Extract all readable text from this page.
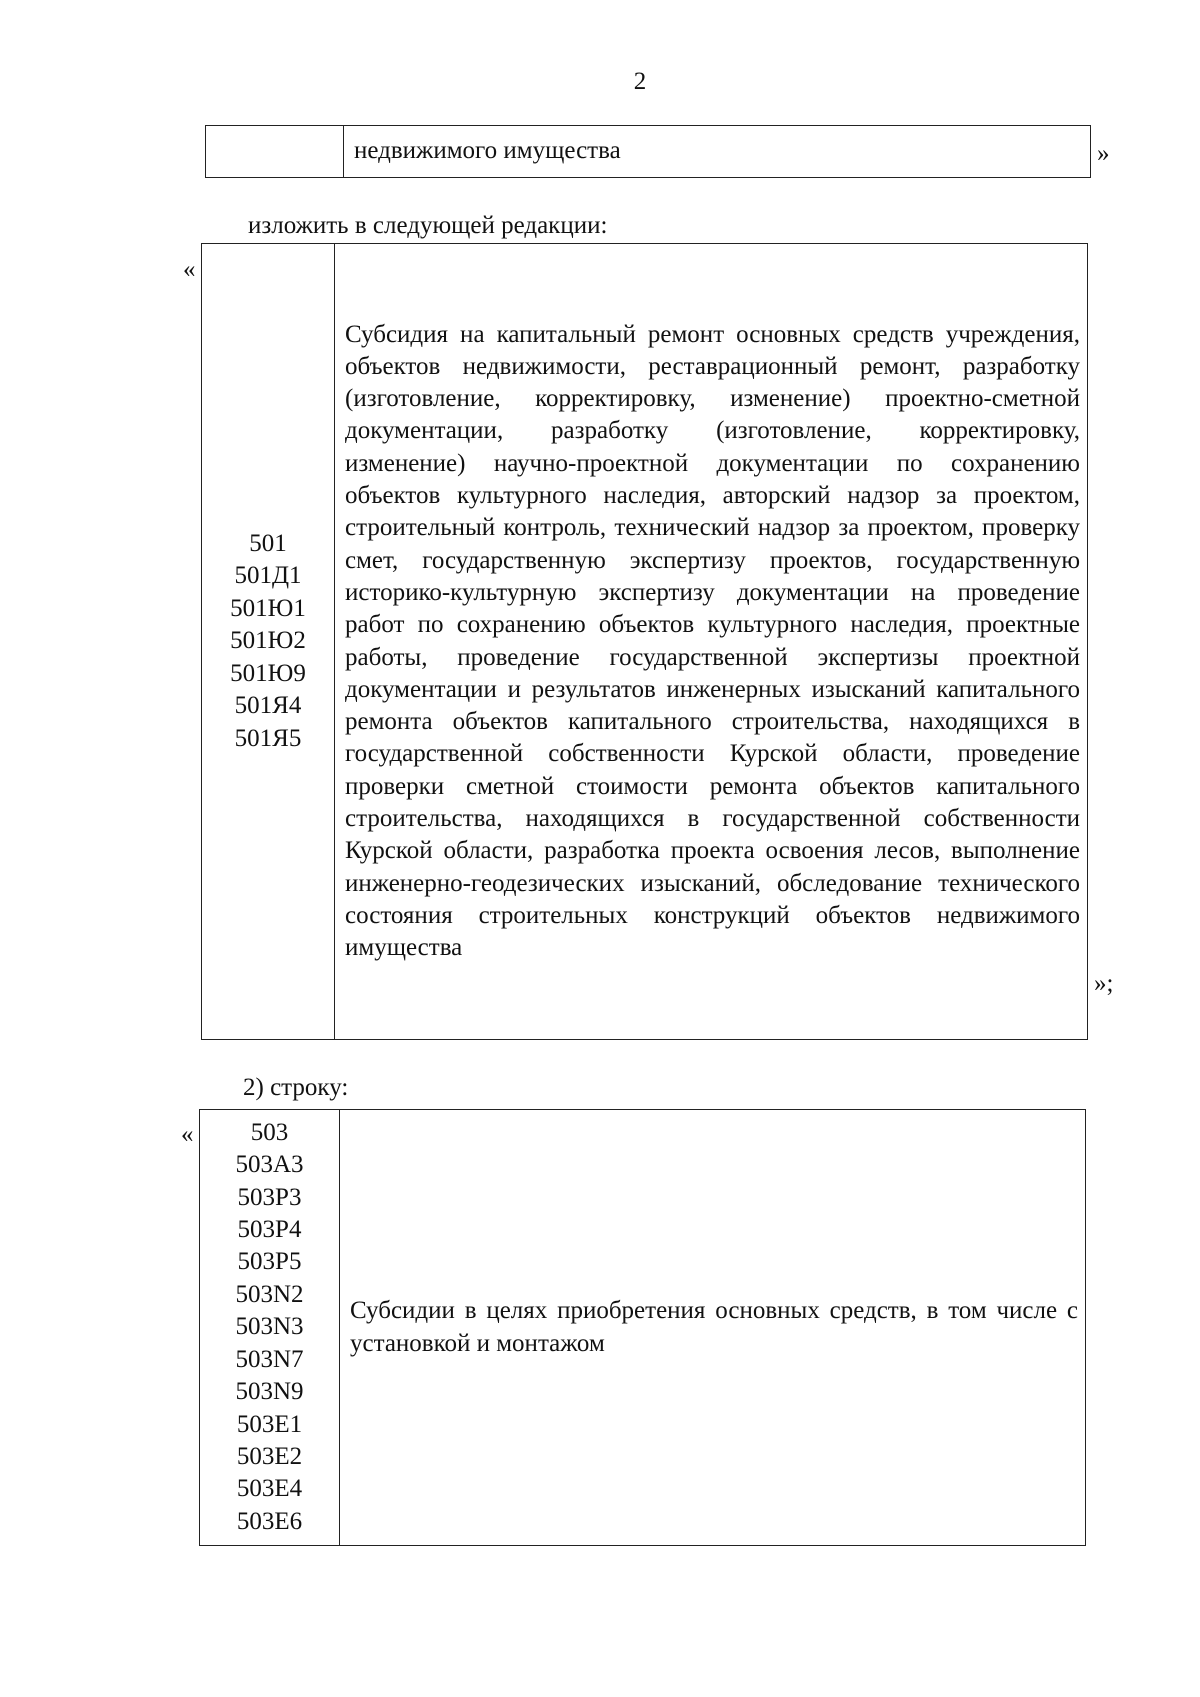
2

недвижимого имущества	»
изложить в следующей редакции:
«
501
501Д1
501Ю1
501Ю2
501Ю9
501Я4
501Я5

Субсидия на капитальный ремонт основных средств учреждения, объектов недвижимости, реставрационный ремонт, разработку (изготовление, корректировку, изменение) проектно-сметной документации, разработку (изготовление, корректировку, изменение) научно-проектной документации по сохранению объектов культурного наследия, авторский надзор за проектом, строительный контроль, технический надзор за проектом, проверку смет, государственную экспертизу проектов, государственную историко-культурную экспертизу документации на проведение работ по сохранению объектов культурного наследия, проектные работы, проведение государственной экспертизы проектной документации и результатов инженерных изысканий капитального ремонта объектов капитального строительства, находящихся в государственной собственности Курской области, проведение проверки сметной стоимости ремонта объектов капитального строительства, находящихся в государственной собственности Курской области, разработка проекта освоения лесов, выполнение инженерно-геодезических изысканий, обследование технического состояния строительных конструкций объектов недвижимого имущества
»;
2) строку:
«	503
503А3
503Р3
503Р4
503Р5
503N2
503N3
503N7
503N9
503Е1
503Е2
503Е4
503Е6

Субсидии в целях приобретения основных средств, в том числе с установкой и монтажом
